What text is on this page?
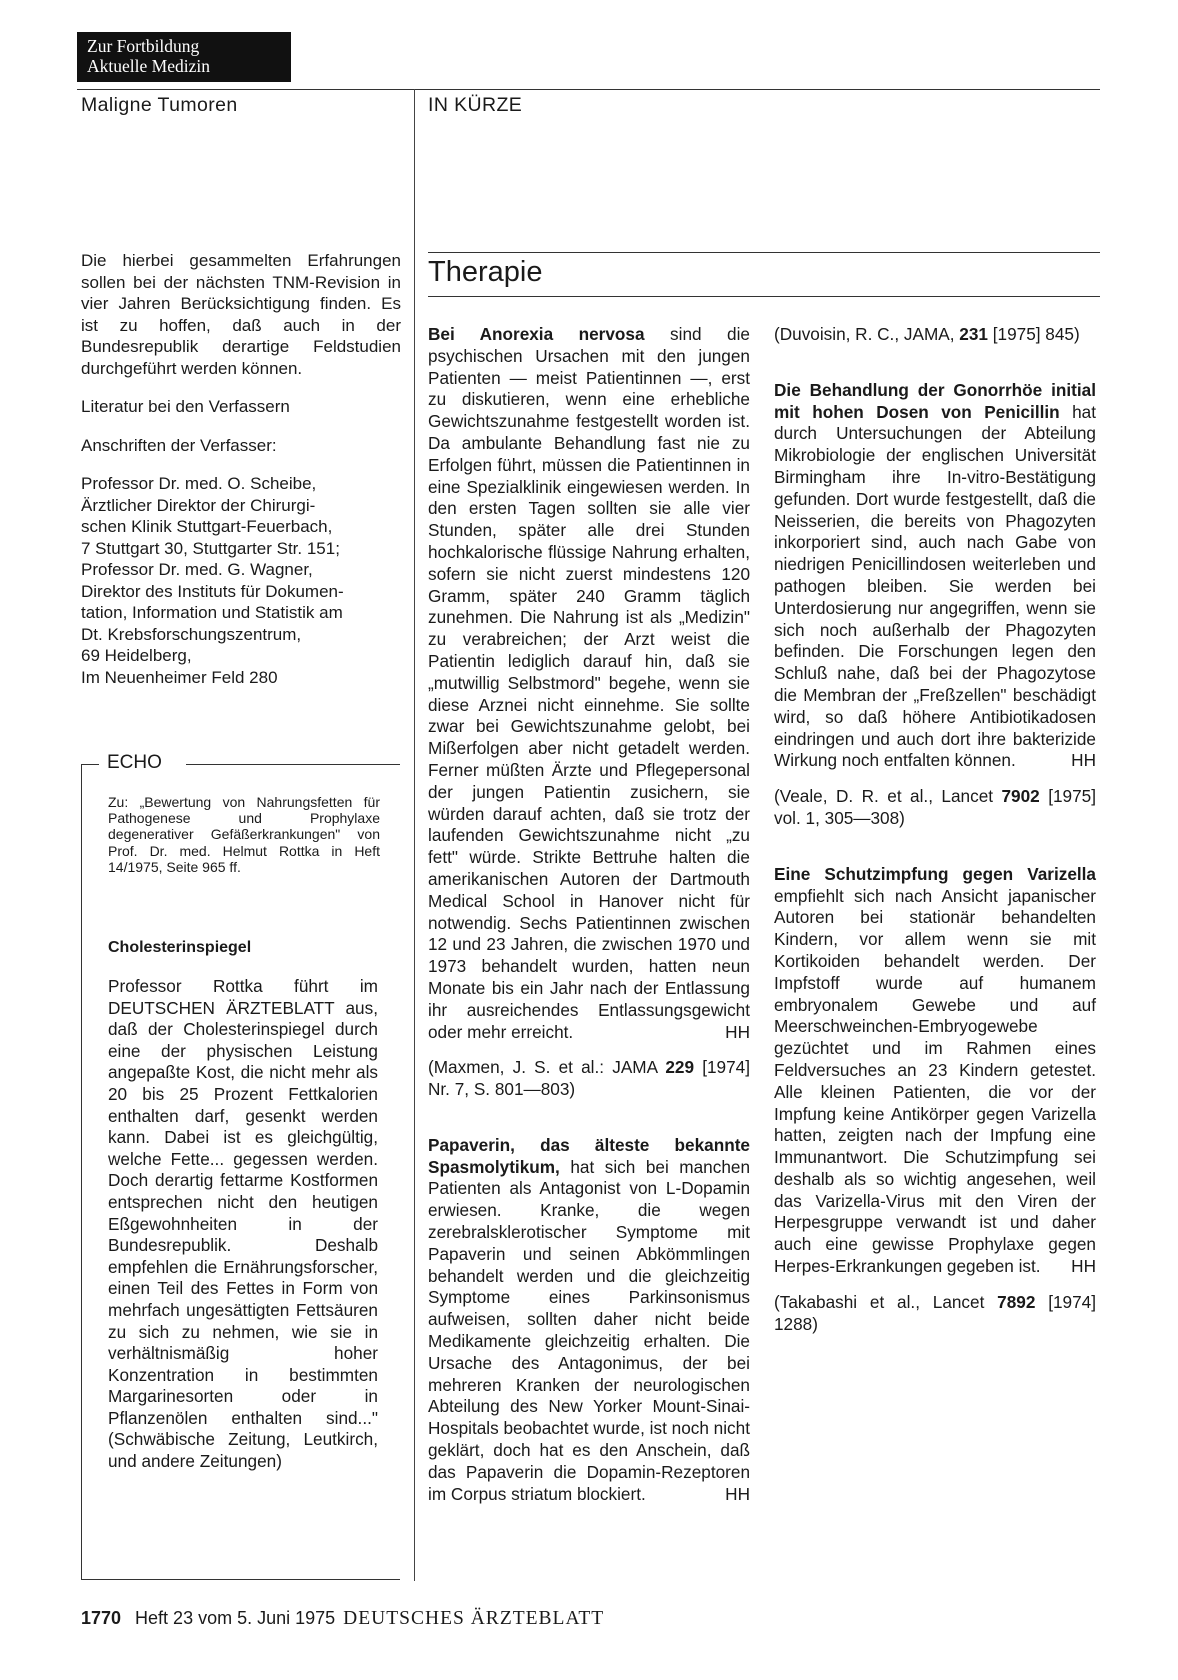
Zur Fortbildung
Aktuelle Medizin
Maligne Tumoren	IN KÜRZE

Die hierbei gesammelten Erfahrungen sollen bei der nächsten TNM-Revision in vier Jahren Berücksichtigung finden. Es ist zu hoffen, daß auch in der Bundesrepublik derartige Feldstudien durchgeführt werden können.

Literatur bei den Verfassern

Anschriften der Verfasser:

Professor Dr. med. O. Scheibe,
Ärztlicher Direktor der Chirurgi-
schen Klinik Stuttgart-Feuerbach,
7 Stuttgart 30, Stuttgarter Str. 151;
Professor Dr. med. G. Wagner,
Direktor des Instituts für Dokumen-
tation, Information und Statistik am
Dt. Krebsforschungszentrum,
69 Heidelberg,
Im Neuenheimer Feld 280
ECHO
Zu: „Bewertung von Nahrungsfetten für Pathogenese und Prophylaxe degenerativer Gefäßerkrankungen" von Prof. Dr. med. Helmut Rottka in Heft 14/1975, Seite 965 ff.
Cholesterinspiegel
Professor Rottka führt im DEUTSCHEN ÄRZTEBLATT aus, daß der Cholesterinspiegel durch eine der physischen Leistung angepaßte Kost, die nicht mehr als 20 bis 25 Prozent Fettkalorien enthalten darf, gesenkt werden kann. Dabei ist es gleichgültig, welche Fette... gegessen werden. Doch derartig fettarme Kostformen entsprechen nicht den heutigen Eßgewohnheiten in der Bundesrepublik. Deshalb empfehlen die Ernährungsforscher, einen Teil des Fettes in Form von mehrfach ungesättigten Fettsäuren zu sich zu nehmen, wie sie in verhältnismäßig hoher Konzentration in bestimmten Margarinesorten oder in Pflanzenölen enthalten sind..." (Schwäbische Zeitung, Leutkirch, und andere Zeitungen)
Therapie

Bei Anorexia nervosa sind die psychischen Ursachen mit den jungen Patienten — meist Patientinnen —, erst zu diskutieren, wenn eine erhebliche Gewichtszunahme festgestellt worden ist. Da ambulante Behandlung fast nie zu Erfolgen führt, müssen die Patientinnen in eine Spezialklinik eingewiesen werden. In den ersten Tagen sollten sie alle vier Stunden, später alle drei Stunden hochkalorische flüssige Nahrung erhalten, sofern sie nicht zuerst mindestens 120 Gramm, später 240 Gramm täglich zunehmen. Die Nahrung ist als „Medizin" zu verabreichen; der Arzt weist die Patientin lediglich darauf hin, daß sie „mutwillig Selbstmord" begehe, wenn sie diese Arznei nicht einnehme. Sie sollte zwar bei Gewichtszunahme gelobt, bei Mißerfolgen aber nicht getadelt werden. Ferner müßten Ärzte und Pflegepersonal der jungen Patientin zusichern, sie würden darauf achten, daß sie trotz der laufenden Gewichtszunahme nicht „zu fett" würde. Strikte Bettruhe halten die amerikanischen Autoren der Dartmouth Medical School in Hanover nicht für notwendig. Sechs Patientinnen zwischen 12 und 23 Jahren, die zwischen 1970 und 1973 behandelt wurden, hatten neun Monate bis ein Jahr nach der Entlassung ihr ausreichendes Entlassungsgewicht oder mehr erreicht.	HH

(Maxmen, J. S. et al.: JAMA 229 [1974] Nr. 7, S. 801—803)

Papaverin, das älteste bekannte Spasmolytikum, hat sich bei manchen Patienten als Antagonist von L-Dopamin erwiesen. Kranke, die wegen zerebralsklerotischer Symptome mit Papaverin und seinen Abkömmlingen behandelt werden und die gleichzeitig Symptome eines Parkinsonismus aufweisen, sollten daher nicht beide Medikamente gleichzeitig erhalten. Die Ursache des Antagonimus, der bei mehreren Kranken der neurologischen Abteilung des New Yorker Mount-Sinai-Hospitals beobachtet wurde, ist noch nicht geklärt, doch hat es den Anschein, daß das Papaverin die Dopamin-Rezeptoren im Corpus striatum blockiert.	HH

(Duvoisin, R. C., JAMA, 231 [1975] 845)

Die Behandlung der Gonorrhöe initial mit hohen Dosen von Penicillin hat durch Untersuchungen der Abteilung Mikrobiologie der englischen Universität Birmingham ihre In-vitro-Bestätigung gefunden. Dort wurde festgestellt, daß die Neisserien, die bereits von Phagozyten inkorporiert sind, auch nach Gabe von niedrigen Penicillindosen weiterleben und pathogen bleiben. Sie werden bei Unterdosierung nur angegriffen, wenn sie sich noch außerhalb der Phagozyten befinden. Die Forschungen legen den Schluß nahe, daß bei der Phagozytose die Membran der „Freßzellen" beschädigt wird, so daß höhere Antibiotikadosen eindringen und auch dort ihre bakterizide Wirkung noch entfalten können.	HH

(Veale, D. R. et al., Lancet 7902 [1975] vol. 1, 305—308)

Eine Schutzimpfung gegen Varizella empfiehlt sich nach Ansicht japanischer Autoren bei stationär behandelten Kindern, vor allem wenn sie mit Kortikoiden behandelt werden. Der Impfstoff wurde auf humanem embryonalem Gewebe und auf Meerschweinchen-Embryogewebe gezüchtet und im Rahmen eines Feldversuches an 23 Kindern getestet. Alle kleinen Patienten, die vor der Impfung keine Antikörper gegen Varizella hatten, zeigten nach der Impfung eine Immunantwort. Die Schutzimpfung sei deshalb als so wichtig angesehen, weil das Varizella-Virus mit den Viren der Herpesgruppe verwandt ist und daher auch eine gewisse Prophylaxe gegen Herpes-Erkrankungen gegeben ist. HH

(Takabashi et al., Lancet 7892 [1974] 1288)

1770 Heft 23 vom 5. Juni 1975 DEUTSCHES ÄRZTEBLATT
